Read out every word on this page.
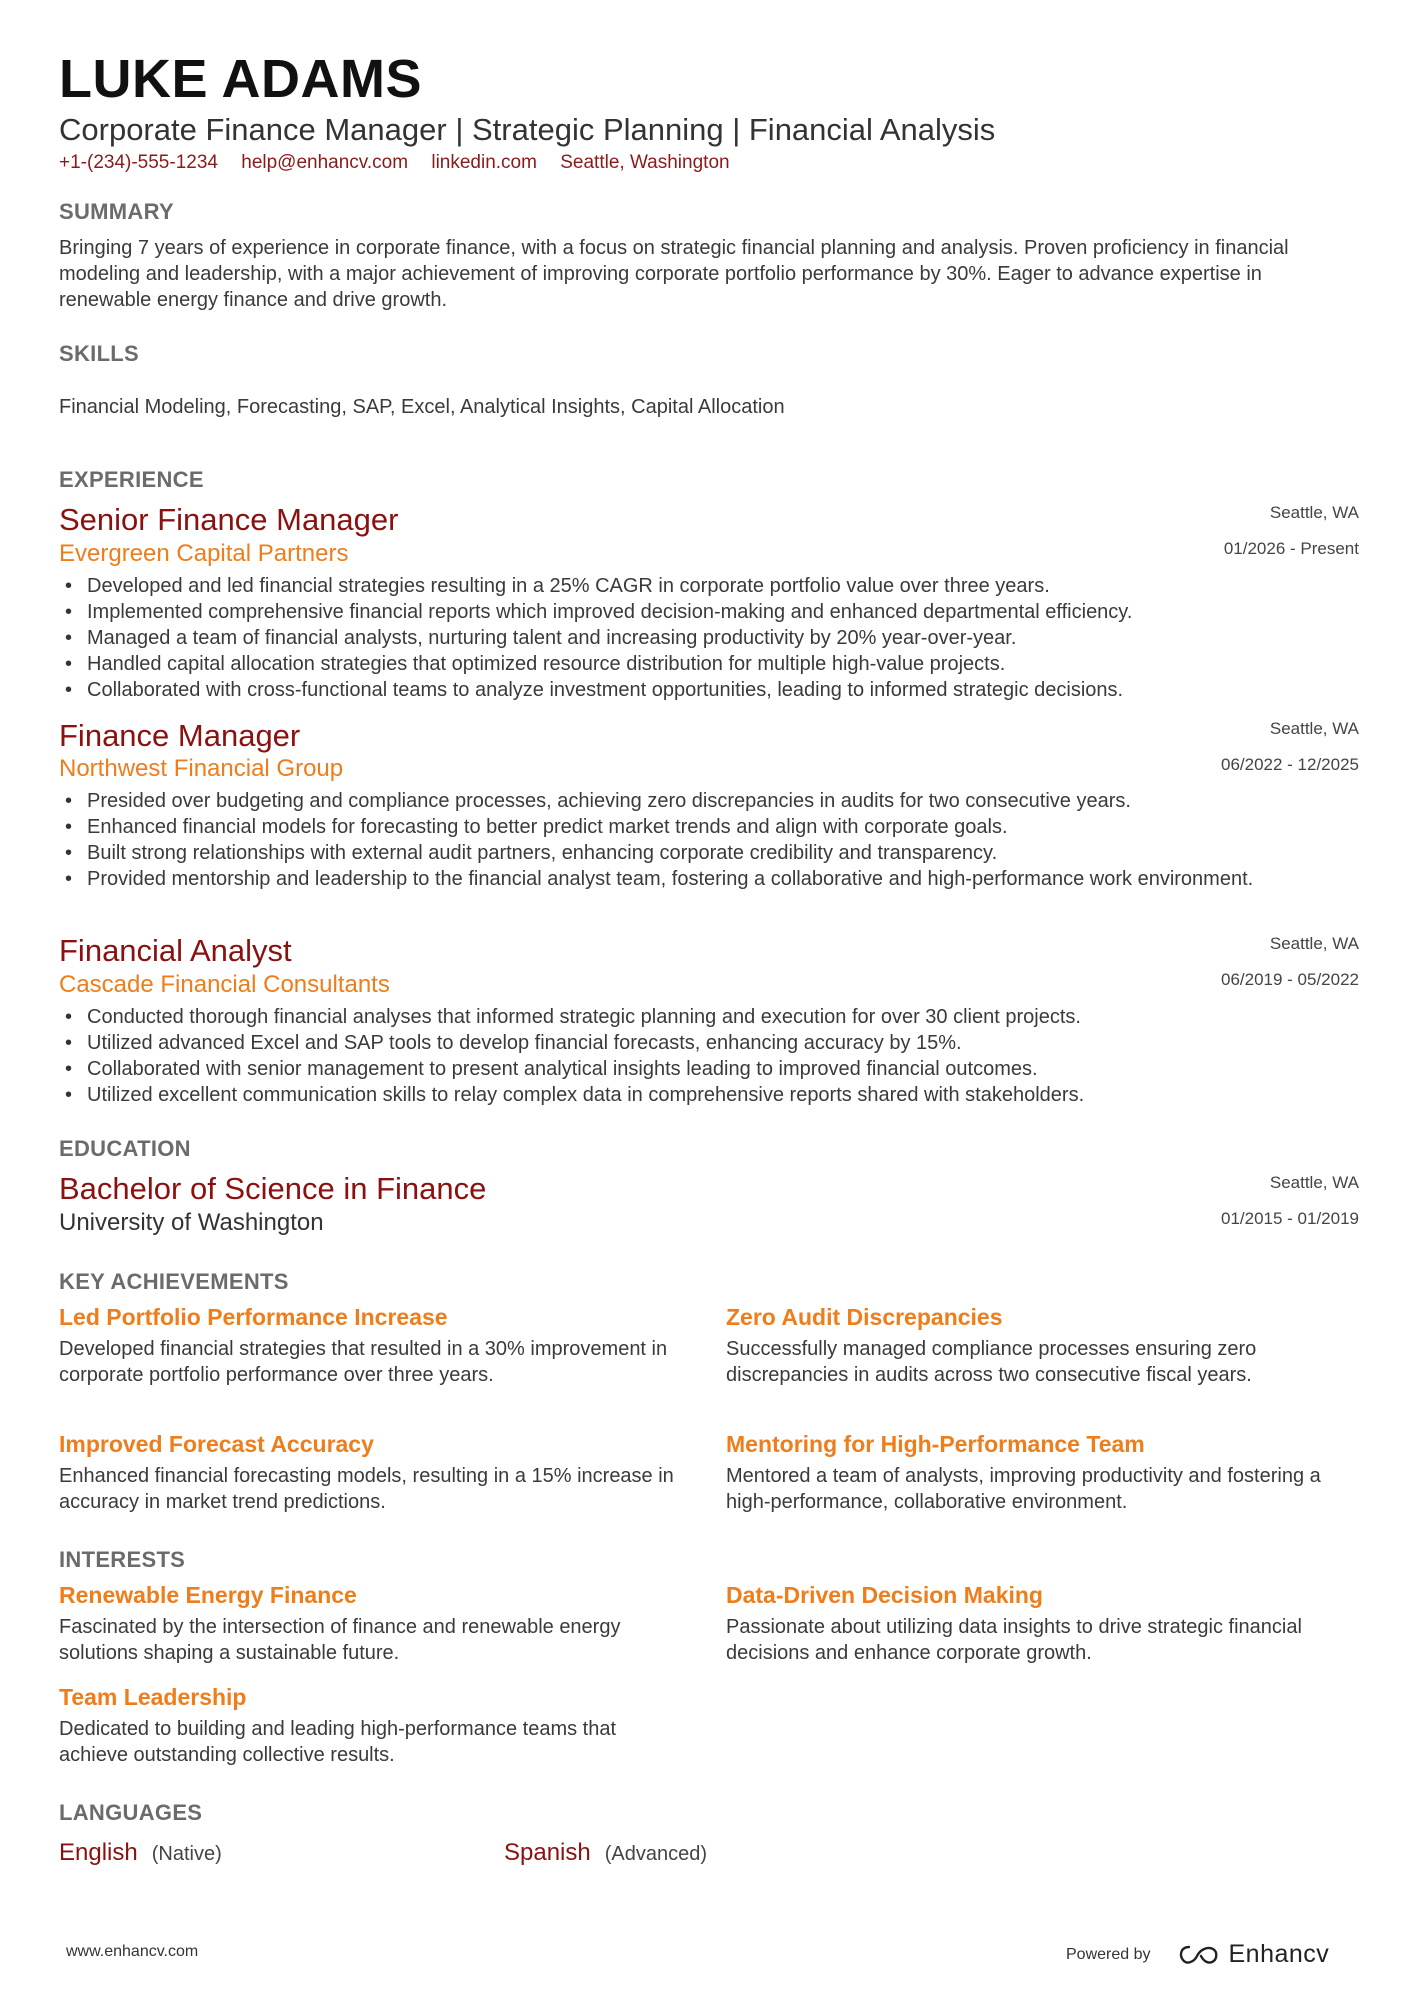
LUKE ADAMS
Corporate Finance Manager | Strategic Planning | Financial Analysis
+1-(234)-555-1234 help@enhancv.com linkedin.com Seattle, Washington
SUMMARY
Bringing 7 years of experience in corporate finance, with a focus on strategic financial planning and analysis. Proven proficiency in financial modeling and leadership, with a major achievement of improving corporate portfolio performance by 30%. Eager to advance expertise in renewable energy finance and drive growth.
SKILLS
Financial Modeling, Forecasting, SAP, Excel, Analytical Insights, Capital Allocation
EXPERIENCE
Senior Finance Manager	Seattle, WA
Evergreen Capital Partners	01/2026 - Present
• Developed and led financial strategies resulting in a 25% CAGR in corporate portfolio value over three years.
• Implemented comprehensive financial reports which improved decision-making and enhanced departmental efficiency.
• Managed a team of financial analysts, nurturing talent and increasing productivity by 20% year-over-year.
• Handled capital allocation strategies that optimized resource distribution for multiple high-value projects.
• Collaborated with cross-functional teams to analyze investment opportunities, leading to informed strategic decisions.
Finance Manager	Seattle, WA
Northwest Financial Group	06/2022 - 12/2025
• Presided over budgeting and compliance processes, achieving zero discrepancies in audits for two consecutive years.
• Enhanced financial models for forecasting to better predict market trends and align with corporate goals.
• Built strong relationships with external audit partners, enhancing corporate credibility and transparency.
• Provided mentorship and leadership to the financial analyst team, fostering a collaborative and high-performance work environment.
Financial Analyst	Seattle, WA
Cascade Financial Consultants	06/2019 - 05/2022
• Conducted thorough financial analyses that informed strategic planning and execution for over 30 client projects.
• Utilized advanced Excel and SAP tools to develop financial forecasts, enhancing accuracy by 15%.
• Collaborated with senior management to present analytical insights leading to improved financial outcomes.
• Utilized excellent communication skills to relay complex data in comprehensive reports shared with stakeholders.
EDUCATION
Bachelor of Science in Finance	Seattle, WA
University of Washington	01/2015 - 01/2019
KEY ACHIEVEMENTS
Led Portfolio Performance Increase
Developed financial strategies that resulted in a 30% improvement in corporate portfolio performance over three years.
Zero Audit Discrepancies
Successfully managed compliance processes ensuring zero discrepancies in audits across two consecutive fiscal years.
Improved Forecast Accuracy
Enhanced financial forecasting models, resulting in a 15% increase in accuracy in market trend predictions.
Mentoring for High-Performance Team
Mentored a team of analysts, improving productivity and fostering a high-performance, collaborative environment.
INTERESTS
Renewable Energy Finance
Fascinated by the intersection of finance and renewable energy solutions shaping a sustainable future.
Data-Driven Decision Making
Passionate about utilizing data insights to drive strategic financial decisions and enhance corporate growth.
Team Leadership
Dedicated to building and leading high-performance teams that achieve outstanding collective results.
LANGUAGES
English (Native)	Spanish (Advanced)
www.enhancv.com	Powered by	Enhancv
